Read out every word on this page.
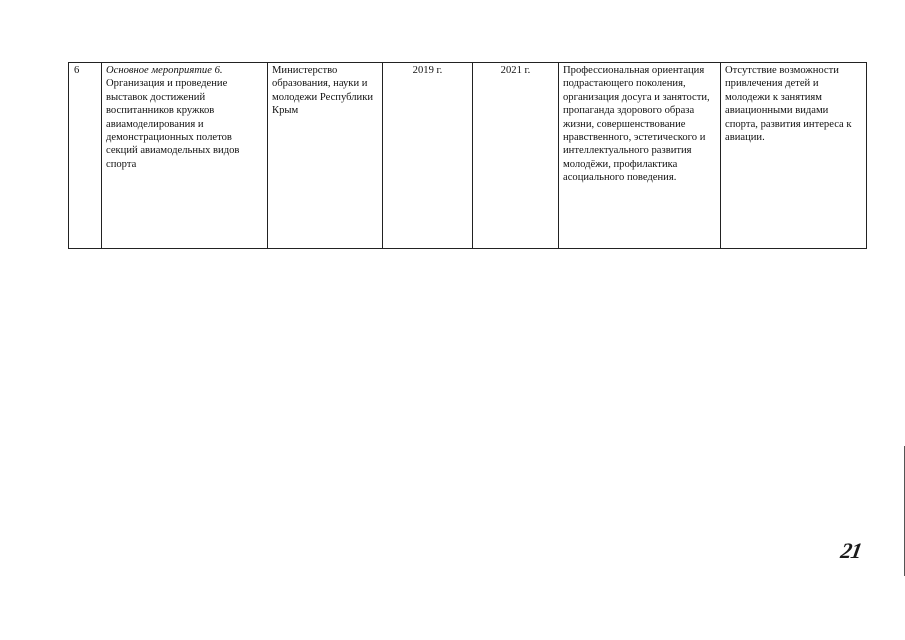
6	Основное мероприятие 6. Организация и проведение выставок достижений воспитанников кружков авиамоделирования и демонстрационных полетов секций авиамодельных видов спорта	Министерство образования, науки и молодежи Республики Крым	2019 г.	2021 г.	Профессиональная ориентация подрастающего поколения, организация досуга и занятости, пропаганда здорового образа жизни, совершенствование нравственного, эстетического и интеллектуального развития молодёжи, профилактика асоциального поведения.	Отсутствие возможности привлечения детей и молодежи к занятиям авиационными видами спорта, развития интереса к авиации.
21
